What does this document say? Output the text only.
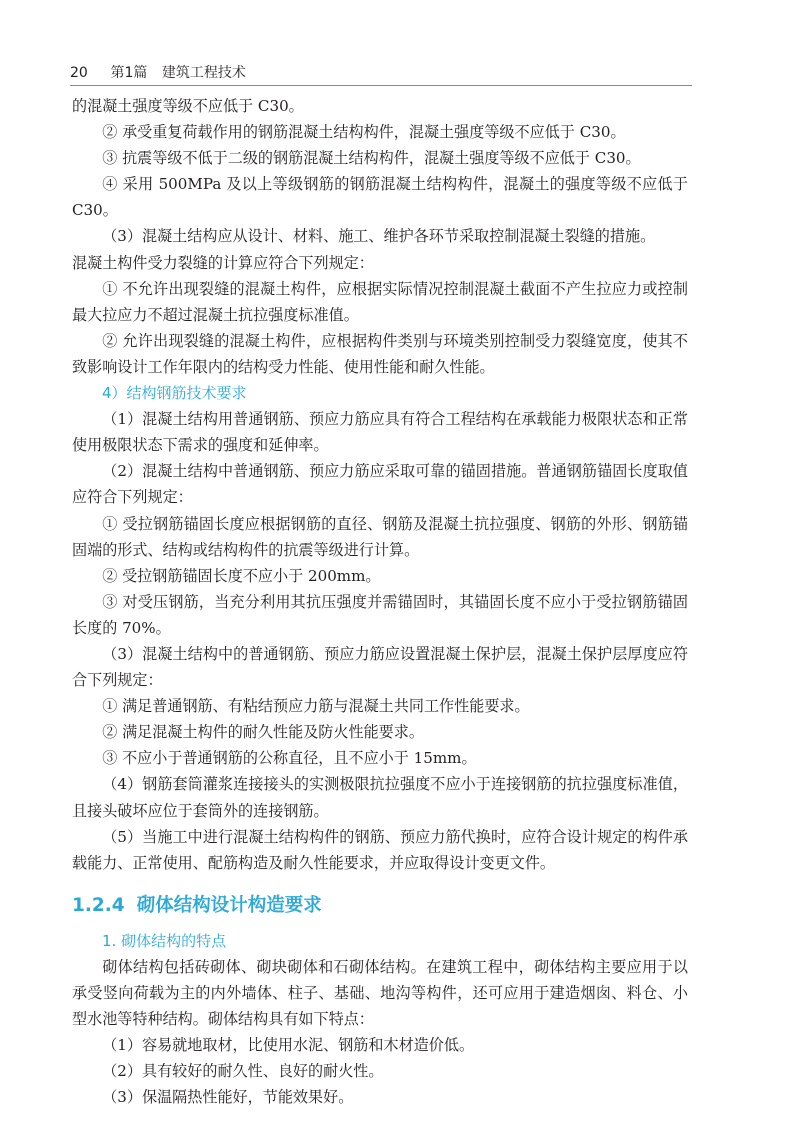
20 第1篇 建筑工程技术

的混凝土强度等级不应低于 C30。

② 承受重复荷载作用的钢筋混凝土结构构件，混凝土强度等级不应低于 C30。

③ 抗震等级不低于二级的钢筋混凝土结构构件，混凝土强度等级不应低于 C30。

④ 采用 500MPa 及以上等级钢筋的钢筋混凝土结构构件，混凝土的强度等级不应低于 C30。

（3）混凝土结构应从设计、材料、施工、维护各环节采取控制混凝土裂缝的措施。

混凝土构件受力裂缝的计算应符合下列规定：

① 不允许出现裂缝的混凝土构件，应根据实际情况控制混凝土截面不产生拉应力或控制最大拉应力不超过混凝土抗拉强度标准值。

② 允许出现裂缝的混凝土构件，应根据构件类别与环境类别控制受力裂缝宽度，使其不致影响设计工作年限内的结构受力性能、使用性能和耐久性能。

4）结构钢筋技术要求

（1）混凝土结构用普通钢筋、预应力筋应具有符合工程结构在承载能力极限状态和正常使用极限状态下需求的强度和延伸率。

（2）混凝土结构中普通钢筋、预应力筋应采取可靠的锚固措施。普通钢筋锚固长度取值应符合下列规定：

① 受拉钢筋锚固长度应根据钢筋的直径、钢筋及混凝土抗拉强度、钢筋的外形、钢筋锚固端的形式、结构或结构构件的抗震等级进行计算。

② 受拉钢筋锚固长度不应小于 200mm。

③ 对受压钢筋，当充分利用其抗压强度并需锚固时，其锚固长度不应小于受拉钢筋锚固长度的 70%。

（3）混凝土结构中的普通钢筋、预应力筋应设置混凝土保护层，混凝土保护层厚度应符合下列规定：

① 满足普通钢筋、有粘结预应力筋与混凝土共同工作性能要求。

② 满足混凝土构件的耐久性能及防火性能要求。

③ 不应小于普通钢筋的公称直径，且不应小于 15mm。

（4）钢筋套筒灌浆连接接头的实测极限抗拉强度不应小于连接钢筋的抗拉强度标准值，且接头破坏应位于套筒外的连接钢筋。

（5）当施工中进行混凝土结构构件的钢筋、预应力筋代换时，应符合设计规定的构件承载能力、正常使用、配筋构造及耐久性能要求，并应取得设计变更文件。

1.2.4 砌体结构设计构造要求

1. 砌体结构的特点

砌体结构包括砖砌体、砌块砌体和石砌体结构。在建筑工程中，砌体结构主要应用于以承受竖向荷载为主的内外墙体、柱子、基础、地沟等构件，还可应用于建造烟囱、料仓、小型水池等特种结构。砌体结构具有如下特点：

（1）容易就地取材，比使用水泥、钢筋和木材造价低。

（2）具有较好的耐久性、良好的耐火性。

（3）保温隔热性能好，节能效果好。
